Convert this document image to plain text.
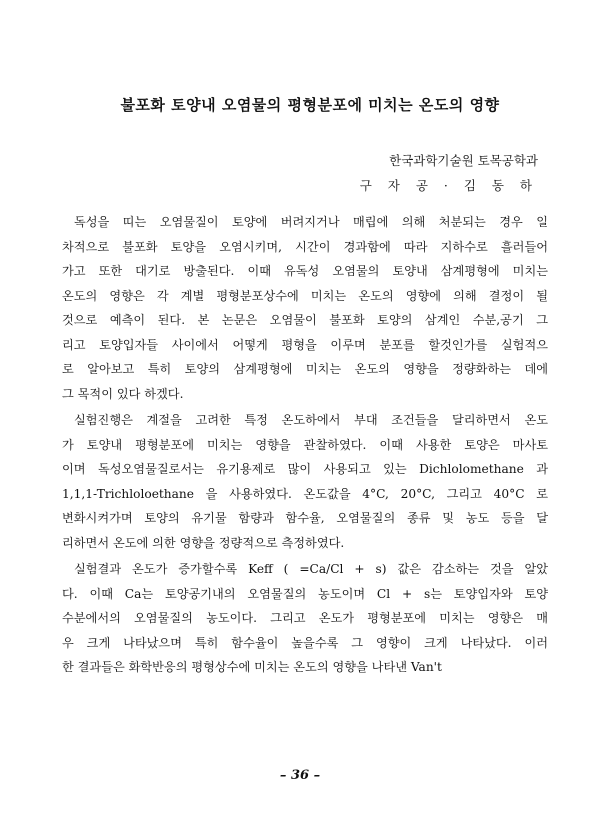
불포화 토양내 오염물의 평형분포에 미치는 온도의 영향
한국과학기술원 토목공학과
구 자 공 · 김 동 하
독성을 띠는 오염물질이 토양에 버려지거나 매립에 의해 처분되는 경우 일
차적으로 불포화 토양을 오염시키며, 시간이 경과함에 따라 지하수로 흘러들어
가고 또한 대기로 방출된다. 이때 유독성 오염물의 토양내 삼계평형에 미치는
온도의 영향은 각 계별 평형분포상수에 미치는 온도의 영향에 의해 결정이 될
것으로 예측이 된다. 본 논문은 오염물이 불포화 토양의 삼계인 수분,공기 그
리고 토양입자들 사이에서 어떻게 평형을 이루며 분포를 할것인가를 실험적으
로 알아보고 특히 토양의 삼계평형에 미치는 온도의 영향을 정량화하는 데에
그 목적이 있다 하겠다.
실험진행은 계절을 고려한 특정 온도하에서 부대 조건들을 달리하면서 온도
가 토양내 평형분포에 미치는 영향을 관찰하였다. 이때 사용한 토양은 마사토
이며 독성오염물질로서는 유기용제로 많이 사용되고 있는 Dichlolomethane 과
1,1,1-Trichloloethane 을 사용하였다. 온도값을 4°C, 20°C, 그리고 40°C 로
변화시켜가며 토양의 유기물 함량과 함수율, 오염물질의 종류 및 농도 등을 달
리하면서 온도에 의한 영향을 정량적으로 측정하였다.
실험결과 온도가 증가할수록 Keff ( =Ca/Cl + s) 값은 감소하는 것을 알았
다. 이때 Ca는 토양공기내의 오염물질의 농도이며 Cl + s는 토양입자와 토양
수분에서의 오염물질의 농도이다. 그리고 온도가 평형분포에 미치는 영향은 매
우 크게 나타났으며 특히 함수율이 높을수록 그 영향이 크게 나타났다. 이러
한 결과들은 화학반응의 평형상수에 미치는 온도의 영향을 나타낸 Van't
– 36 –
